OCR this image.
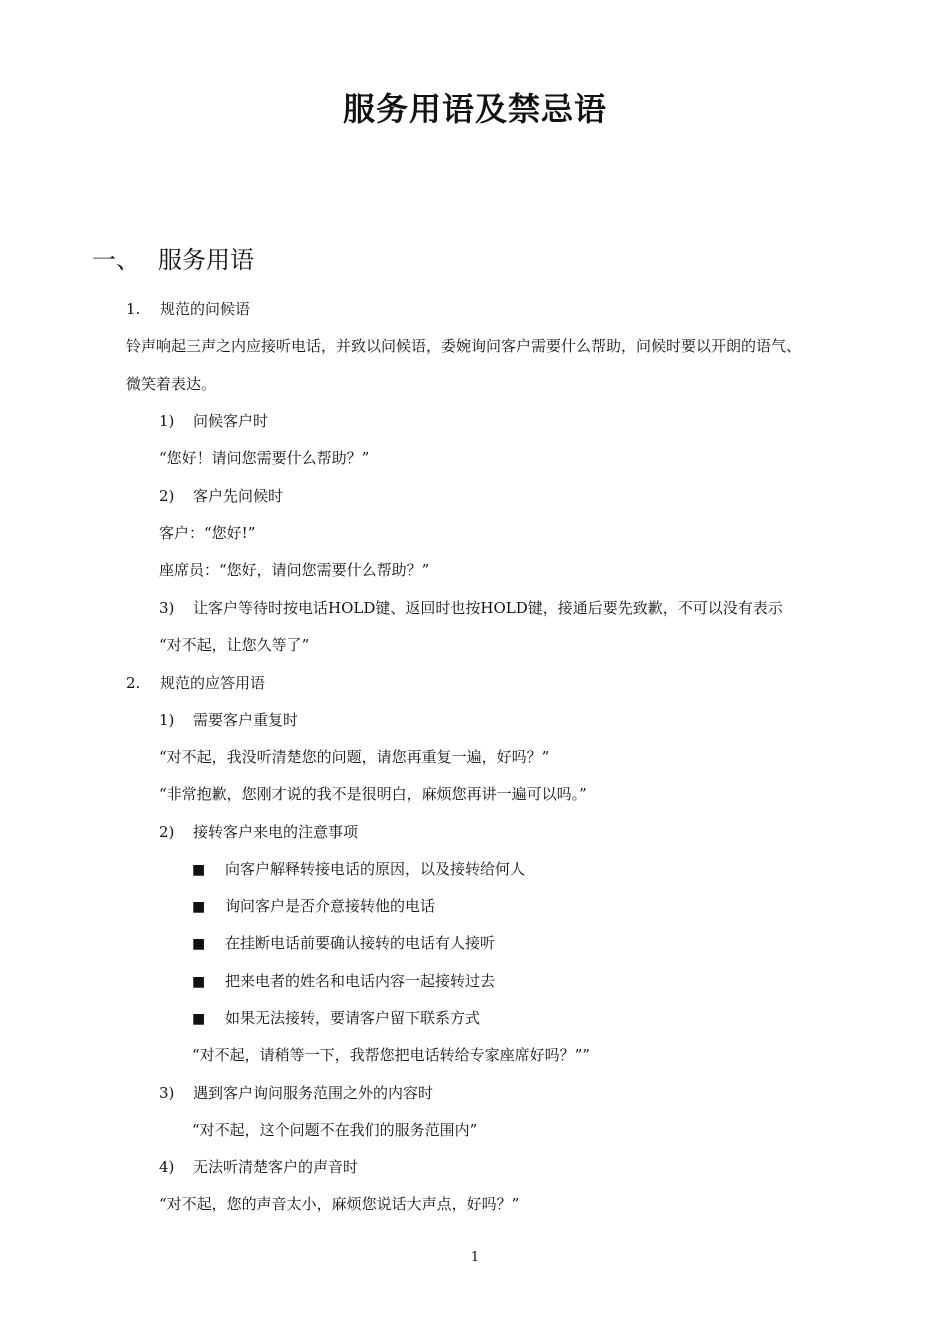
服务用语及禁忌语
一、 服务用语
1. 规范的问候语
铃声响起三声之内应接听电话，并致以问候语，委婉询问客户需要什么帮助，问候时要以开朗的语气、
微笑着表达。
1) 问候客户时
“您好！请问您需要什么帮助？”
2) 客户先问候时
客户：“您好!”
座席员：“您好，请问您需要什么帮助？”
3) 让客户等待时按电话HOLD键、返回时也按HOLD键，接通后要先致歉，不可以没有表示
“对不起，让您久等了”
2. 规范的应答用语
1) 需要客户重复时
“对不起，我没听清楚您的问题，请您再重复一遍，好吗？”
“非常抱歉，您刚才说的我不是很明白，麻烦您再讲一遍可以吗。”
2) 接转客户来电的注意事项
■ 向客户解释转接电话的原因，以及接转给何人
■ 询问客户是否介意接转他的电话
■ 在挂断电话前要确认接转的电话有人接听
■ 把来电者的姓名和电话内容一起接转过去
■ 如果无法接转，要请客户留下联系方式
“对不起，请稍等一下，我帮您把电话转给专家座席好吗？””
3) 遇到客户询问服务范围之外的内容时
“对不起，这个问题不在我们的服务范围内”
4) 无法听清楚客户的声音时
“对不起，您的声音太小，麻烦您说话大声点，好吗？”
1
